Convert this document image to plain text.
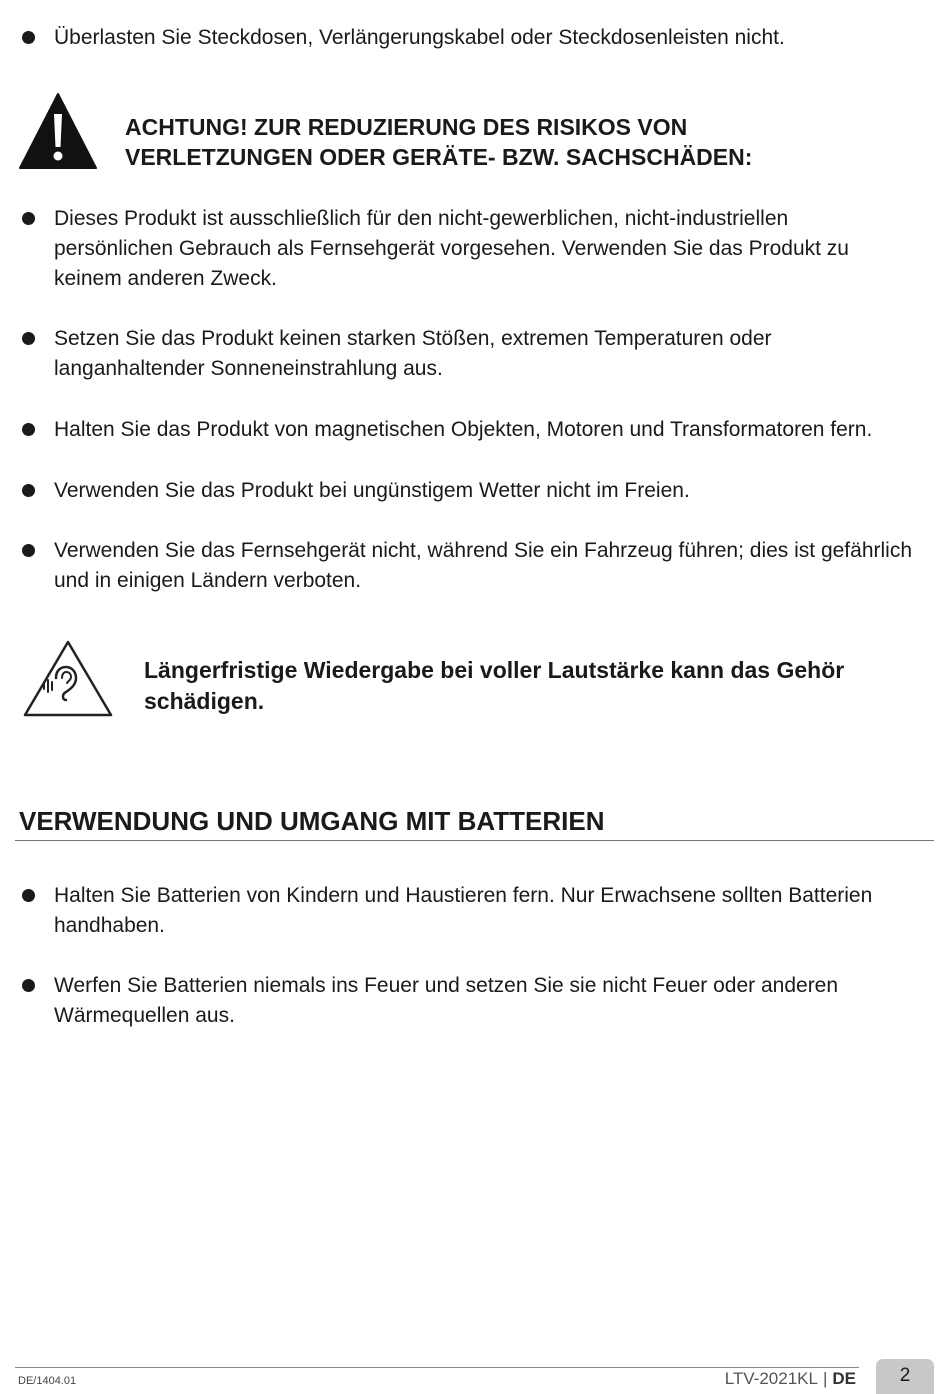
Überlasten Sie Steckdosen, Verlängerungskabel oder Steckdosenleisten nicht.
ACHTUNG! ZUR REDUZIERUNG DES RISIKOS VON
VERLETZUNGEN ODER GERÄTE- BZW. SACHSCHÄDEN:
Dieses Produkt ist ausschließlich für den nicht-gewerblichen, nicht-industriellen persönlichen Gebrauch als Fernsehgerät vorgesehen. Verwenden Sie das Produkt zu keinem anderen Zweck.
Setzen Sie das Produkt keinen starken Stößen, extremen Temperaturen oder langanhaltender Sonneneinstrahlung aus.
Halten Sie das Produkt von magnetischen Objekten, Motoren und Transformatoren fern.
Verwenden Sie das Produkt bei ungünstigem Wetter nicht im Freien.
Verwenden Sie das Fernsehgerät nicht, während Sie ein Fahrzeug führen; dies ist gefährlich und in einigen Ländern verboten.
Längerfristige Wiedergabe bei voller Lautstärke kann das Gehör
schädigen.
VERWENDUNG UND UMGANG MIT BATTERIEN
Halten Sie Batterien von Kindern und Haustieren fern. Nur Erwachsene sollten Batterien handhaben.
Werfen Sie Batterien niemals ins Feuer und setzen Sie sie nicht Feuer oder anderen Wärmequellen aus.
DE/1404.01	LTV-2021KL | DE	2
